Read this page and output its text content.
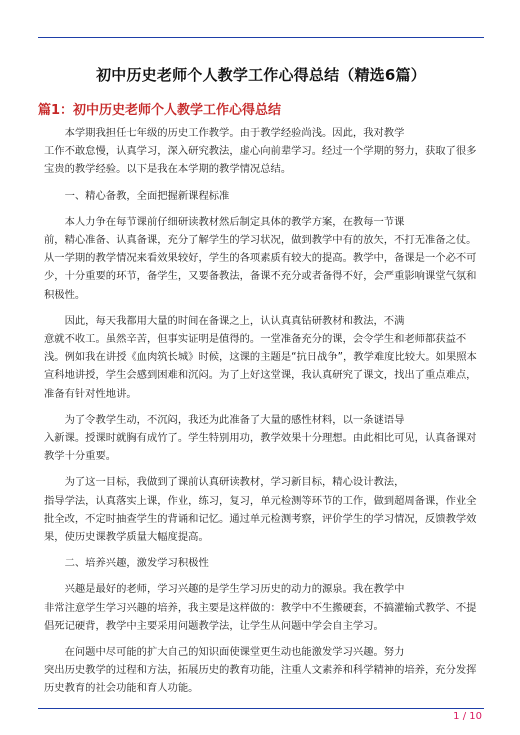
初中历史老师个人教学工作心得总结（精选6篇）
篇1：初中历史老师个人教学工作心得总结

本学期我担任七年级的历史工作教学。由于教学经验尚浅。因此，我对教学
工作不敢怠慢，认真学习，深入研究教法，虚心向前辈学习。经过一个学期的努力，获取了很多宝贵的教学经验。以下是我在本学期的教学情况总结。

一、精心备教，全面把握新课程标准

本人力争在每节课前仔细研读教材然后制定具体的教学方案，在教每一节课
前，精心准备、认真备课，充分了解学生的学习状况，做到教学中有的放矢，不打无准备之仗。从一学期的教学情况来看效果较好，学生的各项素质有较大的提高。教学中，备课是一个必不可少，十分重要的环节，备学生，又要备教法，备课不充分或者备得不好，会严重影响课堂气氛和积极性。

因此，每天我都用大量的时间在备课之上，认认真真钻研教材和教法，不满
意就不收工。虽然辛苦，但事实证明是值得的。一堂准备充分的课，会令学生和老师都获益不浅。例如我在讲授《血肉筑长城》时候，这课的主题是“抗日战争”，教学难度比较大。如果照本宣科地讲授，学生会感到困难和沉闷。为了上好这堂课，我认真研究了课文，找出了重点难点，准备有针对性地讲。

为了令教学生动，不沉闷，我还为此准备了大量的感性材料，以一条谜语导
入新课。授课时就胸有成竹了。学生特别用功，教学效果十分理想。由此相比可见，认真备课对教学十分重要。

为了这一目标，我做到了课前认真研读教材，学习新目标，精心设计教法，
指导学法，认真落实上课，作业，练习，复习，单元检测等环节的工作，做到超周备课，作业全批全改，不定时抽查学生的背诵和记忆。通过单元检测考察，评价学生的学习情况，反馈教学效果，使历史课教学质量大幅度提高。

二、培养兴趣，激发学习积极性

兴趣是最好的老师，学习兴趣的是学生学习历史的动力的源泉。我在教学中
非常注意学生学习兴趣的培养，我主要是这样做的：教学中不生搬硬套，不搞灌输式教学、不提倡死记硬背，教学中主要采用问题教学法，让学生从问题中学会自主学习。

在问题中尽可能的扩大自己的知识面使课堂更生动也能激发学习兴趣。努力
突出历史教学的过程和方法，拓展历史的教育功能，注重人文素养和科学精神的培养，充分发挥历史教育的社会功能和育人功能。

1 / 10
